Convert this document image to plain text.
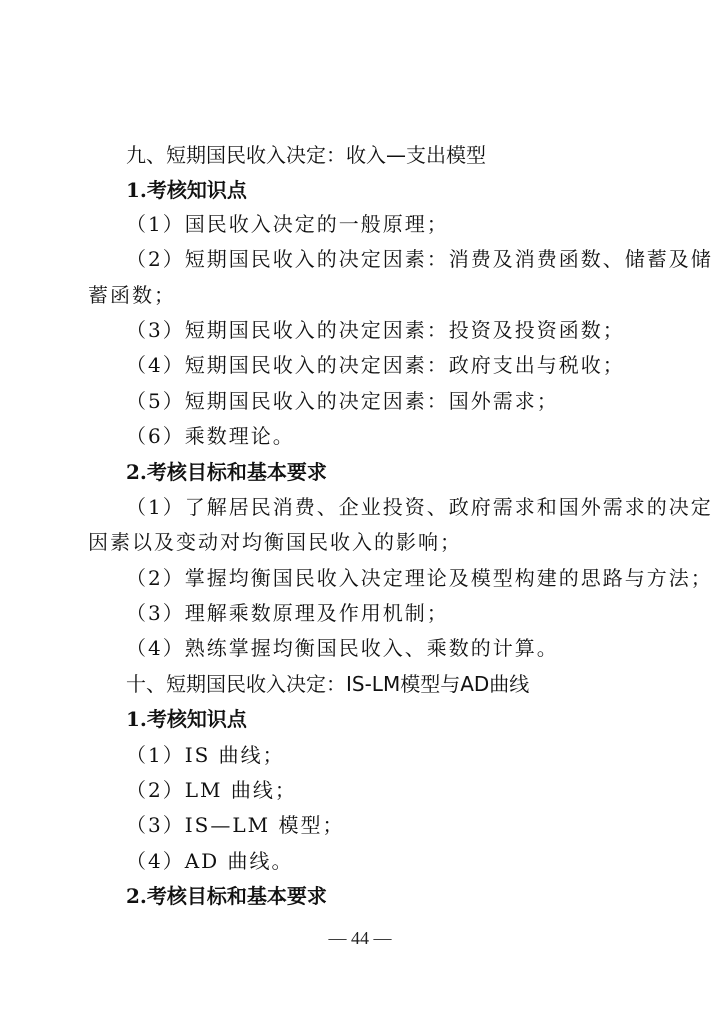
九、短期国民收入决定：收入—支出模型
1.考核知识点
（1）国民收入决定的一般原理；
（2）短期国民收入的决定因素：消费及消费函数、储蓄及储
蓄函数；
（3）短期国民收入的决定因素：投资及投资函数；
（4）短期国民收入的决定因素：政府支出与税收；
（5）短期国民收入的决定因素：国外需求；
（6）乘数理论。
2.考核目标和基本要求
（1）了解居民消费、企业投资、政府需求和国外需求的决定
因素以及变动对均衡国民收入的影响；
（2）掌握均衡国民收入决定理论及模型构建的思路与方法；
（3）理解乘数原理及作用机制；
（4）熟练掌握均衡国民收入、乘数的计算。
十、短期国民收入决定：IS-LM模型与AD曲线
1.考核知识点
（1）IS 曲线；
（2）LM 曲线；
（3）IS—LM 模型；
（4）AD 曲线。
2.考核目标和基本要求
— 44 —
